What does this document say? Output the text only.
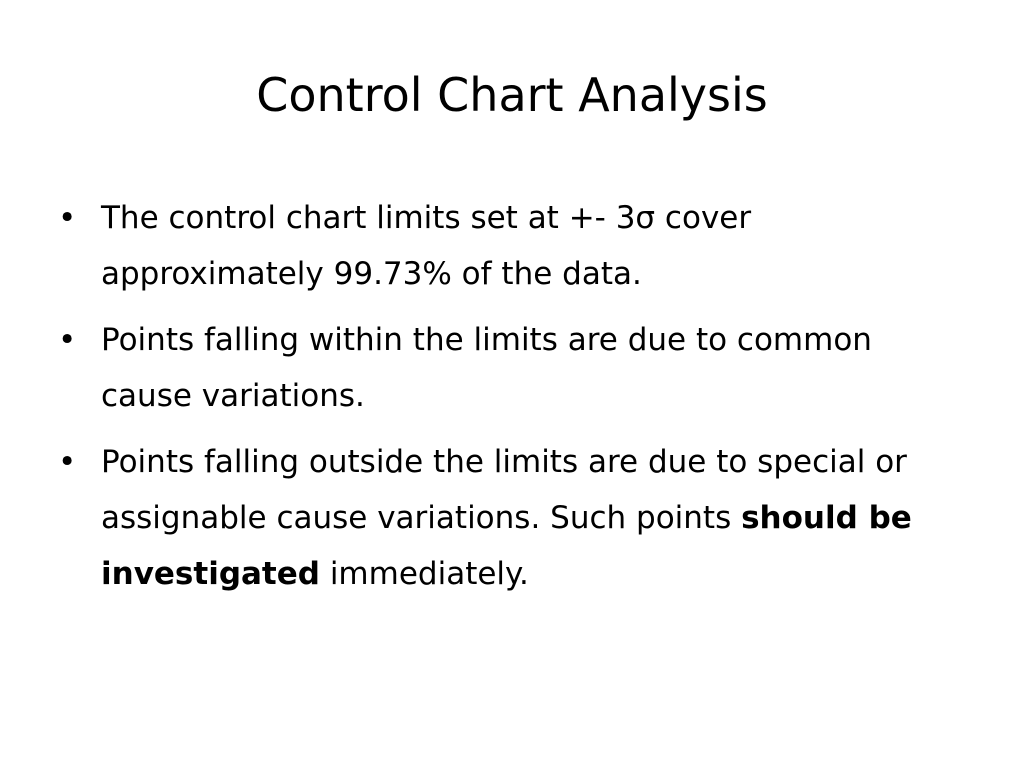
Control Chart Analysis
• The control chart limits set at +- 3σ cover approximately 99.73% of the data.
• Points falling within the limits are due to common cause variations.
• Points falling outside the limits are due to special or assignable cause variations. Such points should be investigated immediately.
